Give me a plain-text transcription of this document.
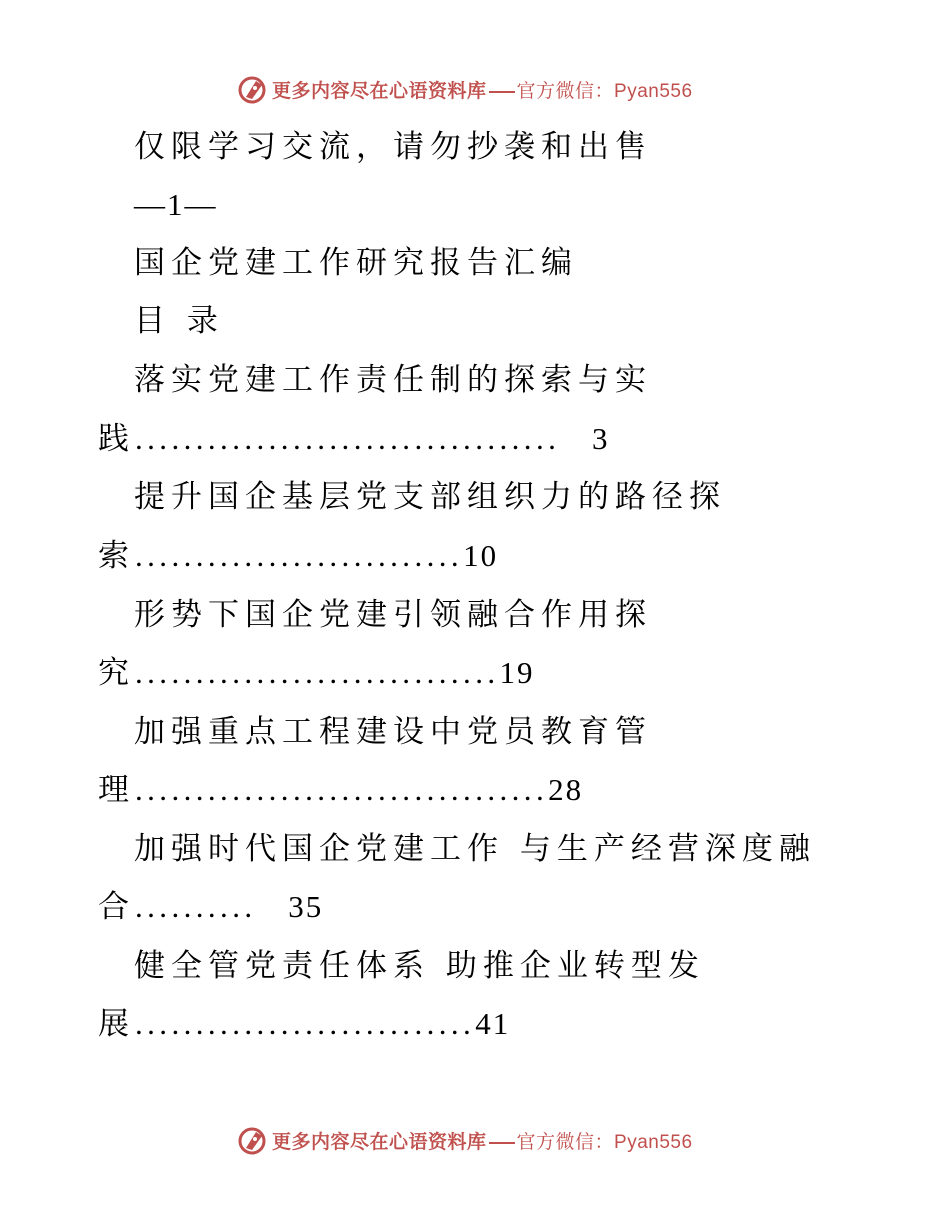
更多内容尽在心语资料库 官方微信：Pyan556
仅限学习交流，请勿抄袭和出售
—1—
国企党建工作研究报告汇编
目 录
落实党建工作责任制的探索与实
践................................... 3
提升国企基层党支部组织力的路径探
索...........................10
形势下国企党建引领融合作用探
究..............................19
加强重点工程建设中党员教育管
理..................................28
加强时代国企党建工作 与生产经营深度融
合.......... 35
健全管党责任体系 助推企业转型发
展............................41
更多内容尽在心语资料库 官方微信：Pyan556
